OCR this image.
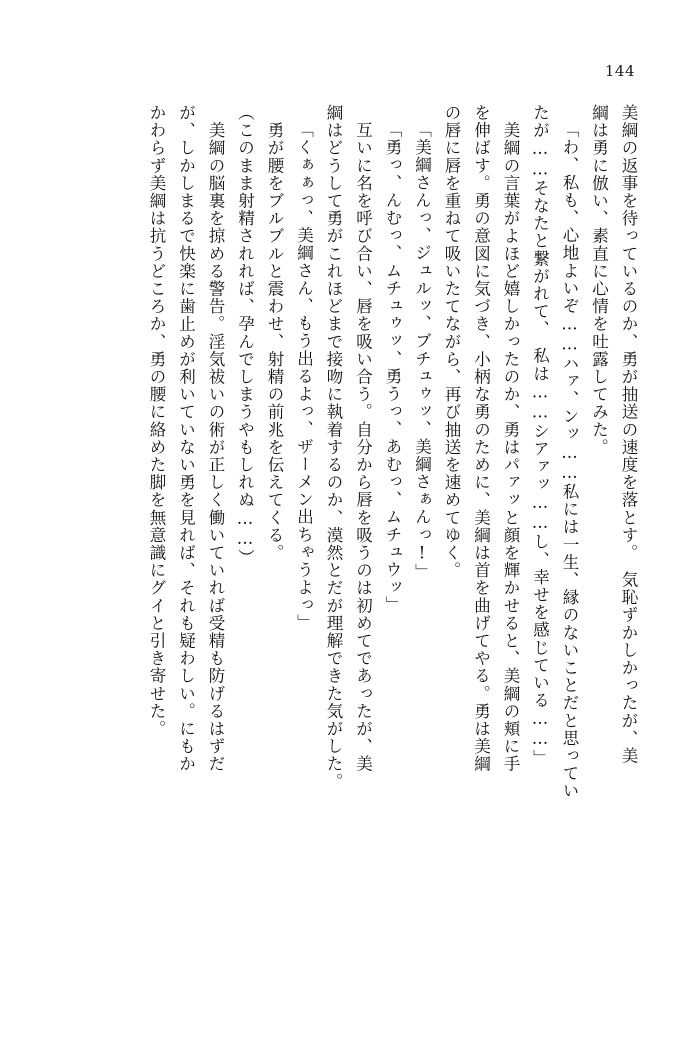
144
美綱の返事を待っているのか、勇が抽送の速度を落とす。　気恥ずかしかったが、美
綱は勇に倣い、素直に心情を吐露してみた。
「わ、私も、心地よいぞ……ハァ、ンッ……私には一生、縁のないことだと思ってい
たが……そなたと繋がれて、　私は……シアァッ……し、幸せを感じている……」
　美綱の言葉がよほど嬉しかったのか、勇はパァッと顔を輝かせると、美綱の頬に手
を伸ばす。勇の意図に気づき、小柄な勇のために、美綱は首を曲げてやる。勇は美綱
の唇に唇を重ねて吸いたてながら、再び抽送を速めてゆく。
「美綱さんっ、ジュルッ、ブチュゥッ、美綱さぁんっ!」
「勇っ、んむっ、ムチュゥッ、勇うっ、あむっ、ムチュウッ」
　互いに名を呼び合い、唇を吸い合う。自分から唇を吸うのは初めてであったが、美
綱はどうして勇がこれほどまで接吻に執着するのか、漠然とだが理解できた気がした。
「くぁぁっ、美綱さん、もう出るよっ、ザーメン出ちゃうよっ」
　勇が腰をブルブルと震わせ、射精の前兆を伝えてくる。
（このまま射精されれば、孕んでしまうやもしれぬ……）
　美綱の脳裏を掠める警告。淫気祓いの術が正しく働いていれば受精も防げるはずだ
が、しかしまるで快楽に歯止めが利いていない勇を見れば、それも疑わしい。にもか
かわらず美綱は抗うどころか、勇の腰に絡めた脚を無意識にグイと引き寄せた。
